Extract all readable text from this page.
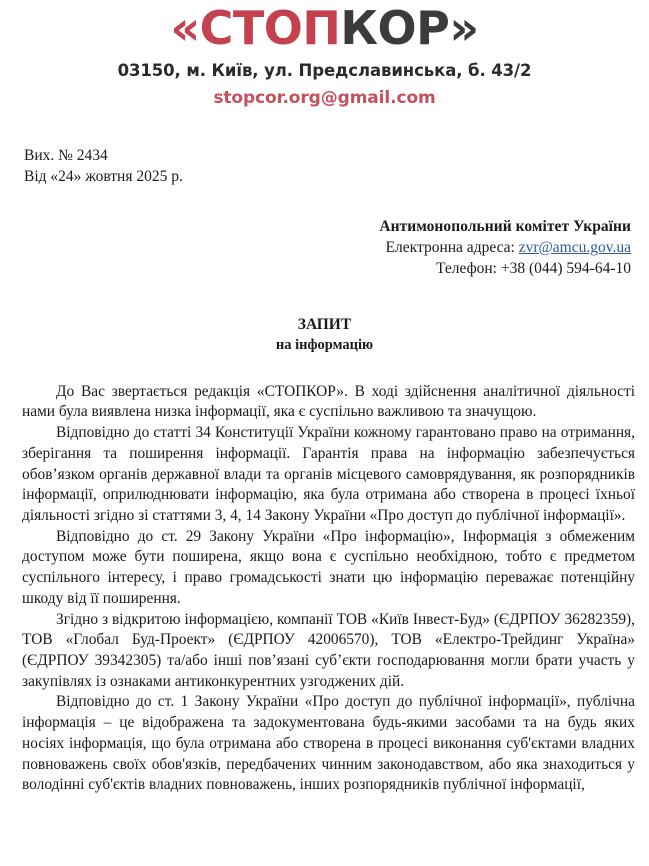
«СТОПКОР»
03150, м. Київ, ул. Предславинська, б. 43/2
stopcor.org@gmail.com
Вих. № 2434
Від «24» жовтня 2025 р.
Антимонопольний комітет України
Електронна адреса: zvr@amcu.gov.ua
Телефон: +38 (044) 594-64-10
ЗАПИТ
на інформацію

До Вас звертається редакція «СТОПКОР». В ході здійснення аналітичної діяльності нами була виявлена низка інформації, яка є суспільно важливою та значущою.

Відповідно до статті 34 Конституції України кожному гарантовано право на отримання, зберігання та поширення інформації. Гарантія права на інформацію забезпечується обов’язком органів державної влади та органів місцевого самоврядування, як розпорядників інформації, оприлюднювати інформацію, яка була отримана або створена в процесі їхньої діяльності згідно зі статтями 3, 4, 14 Закону України «Про доступ до публічної інформації».

Відповідно до ст. 29 Закону України «Про інформацію», Інформація з обмеженим доступом може бути поширена, якщо вона є суспільно необхідною, тобто є предметом суспільного інтересу, і право громадськості знати цю інформацію переважає потенційну шкоду від її поширення.

Згідно з відкритою інформацією, компанії ТОВ «Київ Інвест-Буд» (ЄДРПОУ 36282359), ТОВ «Глобал Буд-Проект» (ЄДРПОУ 42006570), ТОВ «Електро-Трейдинг Україна» (ЄДРПОУ 39342305) та/або інші пов’язані суб’єкти господарювання могли брати участь у закупівлях із ознаками антиконкурентних узгоджених дій.

Відповідно до ст. 1 Закону України «Про доступ до публічної інформації», публічна інформація – це відображена та задокументована будь-якими засобами та на будь яких носіях інформація, що була отримана або створена в процесі виконання суб'єктами владних повноважень своїх обов'язків, передбачених чинним законодавством, або яка знаходиться у володінні суб'єктів владних повноважень, інших розпорядників публічної інформації,
